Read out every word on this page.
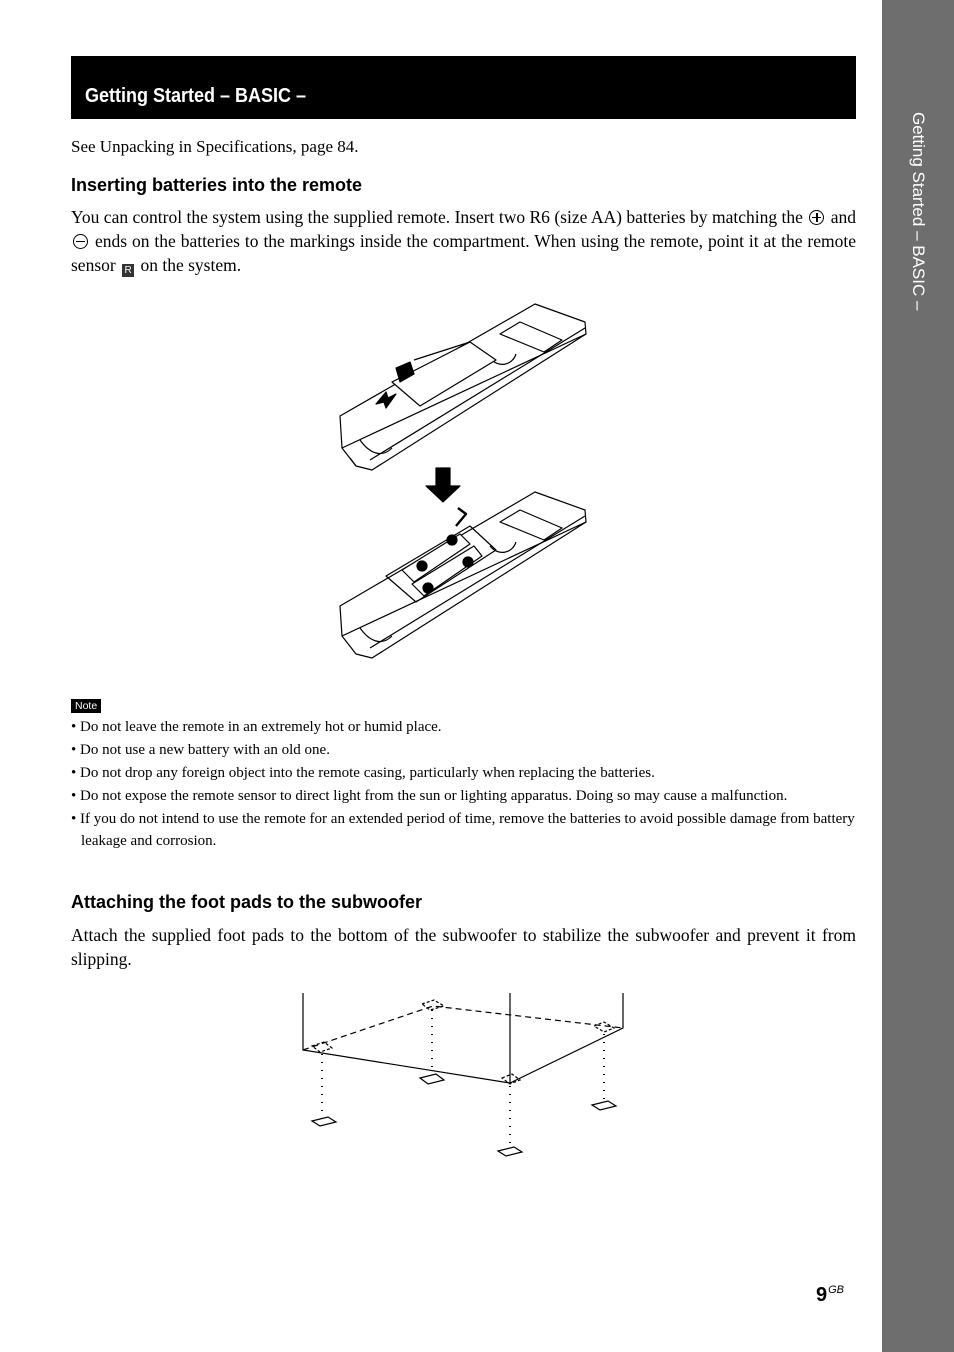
Getting Started – BASIC –
Getting Started – BASIC –
See Unpacking in Specifications, page 84.
Inserting batteries into the remote
You can control the system using the supplied remote. Insert two R6 (size AA) batteries by matching the and  ends on the batteries to the markings inside the compartment. When using the remote, point it at the remote sensor R on the system.
Note
• Do not leave the remote in an extremely hot or humid place.
• Do not use a new battery with an old one.
• Do not drop any foreign object into the remote casing, particularly when replacing the batteries.
• Do not expose the remote sensor to direct light from the sun or lighting apparatus. Doing so may cause a malfunction.
• If you do not intend to use the remote for an extended period of time, remove the batteries to avoid possible damage from battery leakage and corrosion.
Attaching the foot pads to the subwoofer
Attach the supplied foot pads to the bottom of the subwoofer to stabilize the subwoofer and prevent it from slipping.
$9^{GB}$
